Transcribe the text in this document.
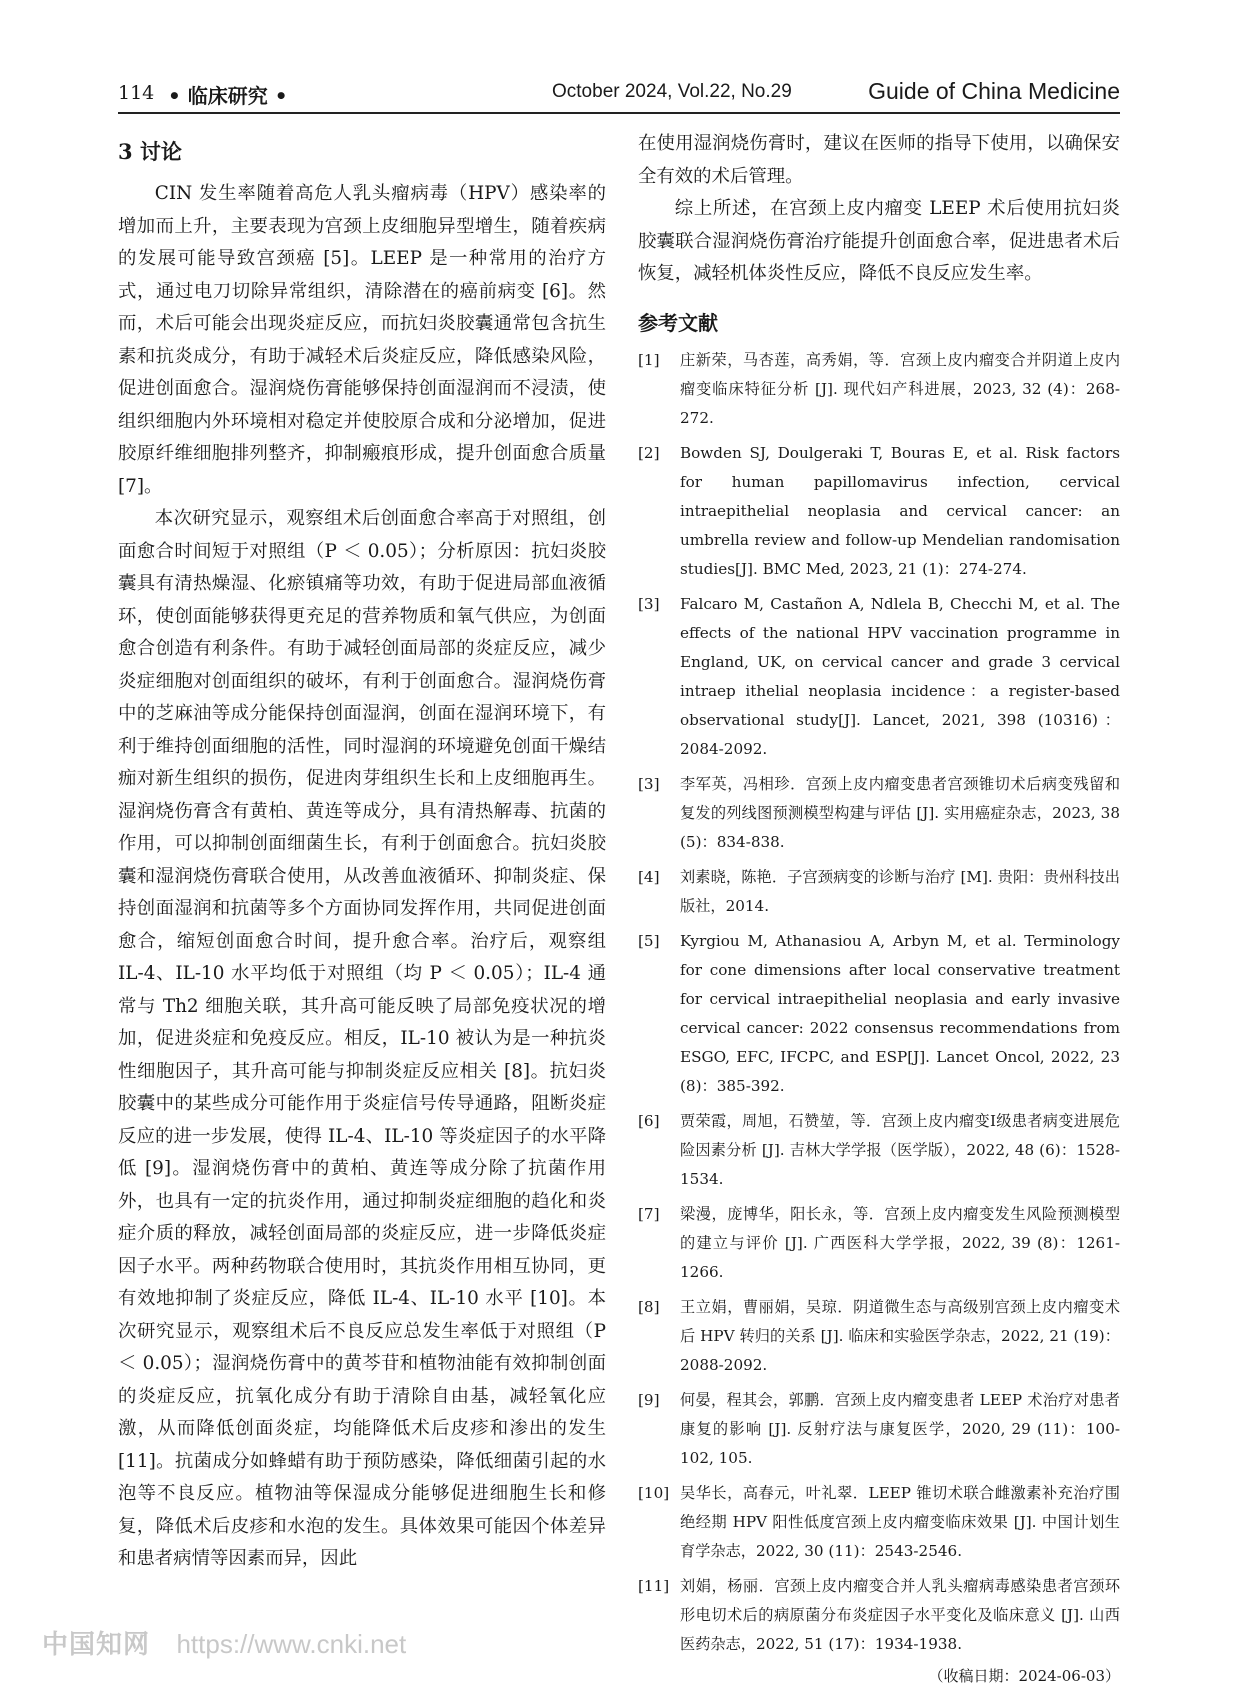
114 • 临床研究 •	October 2024, Vol.22, No.29	Guide of China Medicine
3 讨论

CIN 发生率随着高危人乳头瘤病毒（HPV）感染率的增加而上升，主要表现为宫颈上皮细胞异型增生，随着疾病的发展可能导致宫颈癌 [5]。LEEP 是一种常用的治疗方式，通过电刀切除异常组织，清除潜在的癌前病变 [6]。然而，术后可能会出现炎症反应，而抗妇炎胶囊通常包含抗生素和抗炎成分，有助于减轻术后炎症反应，降低感染风险，促进创面愈合。湿润烧伤膏能够保持创面湿润而不浸渍，使组织细胞内外环境相对稳定并使胶原合成和分泌增加，促进胶原纤维细胞排列整齐，抑制瘢痕形成，提升创面愈合质量 [7]。

本次研究显示，观察组术后创面愈合率高于对照组，创面愈合时间短于对照组（P ＜ 0.05）；分析原因：抗妇炎胶囊具有清热燥湿、化瘀镇痛等功效，有助于促进局部血液循环，使创面能够获得更充足的营养物质和氧气供应，为创面愈合创造有利条件。有助于减轻创面局部的炎症反应，减少炎症细胞对创面组织的破坏，有利于创面愈合。湿润烧伤膏中的芝麻油等成分能保持创面湿润，创面在湿润环境下，有利于维持创面细胞的活性，同时湿润的环境避免创面干燥结痂对新生组织的损伤，促进肉芽组织生长和上皮细胞再生。湿润烧伤膏含有黄柏、黄连等成分，具有清热解毒、抗菌的作用，可以抑制创面细菌生长，有利于创面愈合。抗妇炎胶囊和湿润烧伤膏联合使用，从改善血液循环、抑制炎症、保持创面湿润和抗菌等多个方面协同发挥作用，共同促进创面愈合，缩短创面愈合时间，提升愈合率。治疗后，观察组 IL-4、IL-10 水平均低于对照组（均 P ＜ 0.05）；IL-4 通常与 Th2 细胞关联，其升高可能反映了局部免疫状况的增加，促进炎症和免疫反应。相反，IL-10 被认为是一种抗炎性细胞因子，其升高可能与抑制炎症反应相关 [8]。抗妇炎胶囊中的某些成分可能作用于炎症信号传导通路，阻断炎症反应的进一步发展，使得 IL-4、IL-10 等炎症因子的水平降低 [9]。湿润烧伤膏中的黄柏、黄连等成分除了抗菌作用外，也具有一定的抗炎作用，通过抑制炎症细胞的趋化和炎症介质的释放，减轻创面局部的炎症反应，进一步降低炎症因子水平。两种药物联合使用时，其抗炎作用相互协同，更有效地抑制了炎症反应，降低 IL-4、IL-10 水平 [10]。本次研究显示，观察组术后不良反应总发生率低于对照组（P ＜ 0.05）；湿润烧伤膏中的黄芩苷和植物油能有效抑制创面的炎症反应，抗氧化成分有助于清除自由基，减轻氧化应激，从而降低创面炎症，均能降低术后皮疹和渗出的发生 [11]。抗菌成分如蜂蜡有助于预防感染，降低细菌引起的水泡等不良反应。植物油等保湿成分能够促进细胞生长和修复，降低术后皮疹和水泡的发生。具体效果可能因个体差异和患者病情等因素而异，因此

在使用湿润烧伤膏时，建议在医师的指导下使用，以确保安全有效的术后管理。

综上所述，在宫颈上皮内瘤变 LEEP 术后使用抗妇炎胶囊联合湿润烧伤膏治疗能提升创面愈合率，促进患者术后恢复，减轻机体炎性反应，降低不良反应发生率。

参考文献
[1] 庄新荣，马杏莲，高秀娟，等．宫颈上皮内瘤变合并阴道上皮内瘤变临床特征分析 [J]. 现代妇产科进展，2023, 32 (4)：268-272.
[2] Bowden SJ, Doulgeraki T, Bouras E, et al. Risk factors for human papillomavirus infection, cervical intraepithelial neoplasia and cervical cancer: an umbrella review and follow-up Mendelian randomisation studies[J]. BMC Med, 2023, 21 (1)：274-274.
[3] Falcaro M, Castañon A, Ndlela B, Checchi M, et al. The effects of the national HPV vaccination programme in England, UK, on cervical cancer and grade 3 cervical intraep ithelial neoplasia incidence：a register-based observational study[J]. Lancet, 2021, 398 (10316)：2084-2092.
[3] 李军英，冯相珍．宫颈上皮内瘤变患者宫颈锥切术后病变残留和复发的列线图预测模型构建与评估 [J]. 实用癌症杂志，2023, 38 (5)：834-838.
[4] 刘素晓，陈艳．子宫颈病变的诊断与治疗 [M]. 贵阳：贵州科技出版社，2014.
[5] Kyrgiou M, Athanasiou A, Arbyn M, et al. Terminology for cone dimensions after local conservative treatment for cervical intraepithelial neoplasia and early invasive cervical cancer: 2022 consensus recommendations from ESGO, EFC, IFCPC, and ESP[J]. Lancet Oncol, 2022, 23 (8)：385-392.
[6] 贾荣霞，周旭，石赞堃，等．宫颈上皮内瘤变Ⅰ级患者病变进展危险因素分析 [J]. 吉林大学学报（医学版），2022, 48 (6)：1528-1534.
[7] 梁漫，庞博华，阳长永，等．宫颈上皮内瘤变发生风险预测模型的建立与评价 [J]. 广西医科大学学报，2022, 39 (8)：1261-1266.
[8] 王立娟，曹丽娟，吴琼．阴道微生态与高级别宫颈上皮内瘤变术后 HPV 转归的关系 [J]. 临床和实验医学杂志，2022, 21 (19)：2088-2092.
[9] 何晏，程其会，郭鹏．宫颈上皮内瘤变患者 LEEP 术治疗对患者康复的影响 [J]. 反射疗法与康复医学，2020, 29 (11)：100-102, 105.
[10] 吴华长，高春元，叶礼翠．LEEP 锥切术联合雌激素补充治疗围绝经期 HPV 阳性低度宫颈上皮内瘤变临床效果 [J]. 中国计划生育学杂志，2022, 30 (11)：2543-2546.
[11] 刘娟，杨丽．宫颈上皮内瘤变合并人乳头瘤病毒感染患者宫颈环形电切术后的病原菌分布炎症因子水平变化及临床意义 [J]. 山西医药杂志，2022, 51 (17)：1934-1938.
（收稿日期：2024-06-03）
中国知网 https://www.cnki.net
